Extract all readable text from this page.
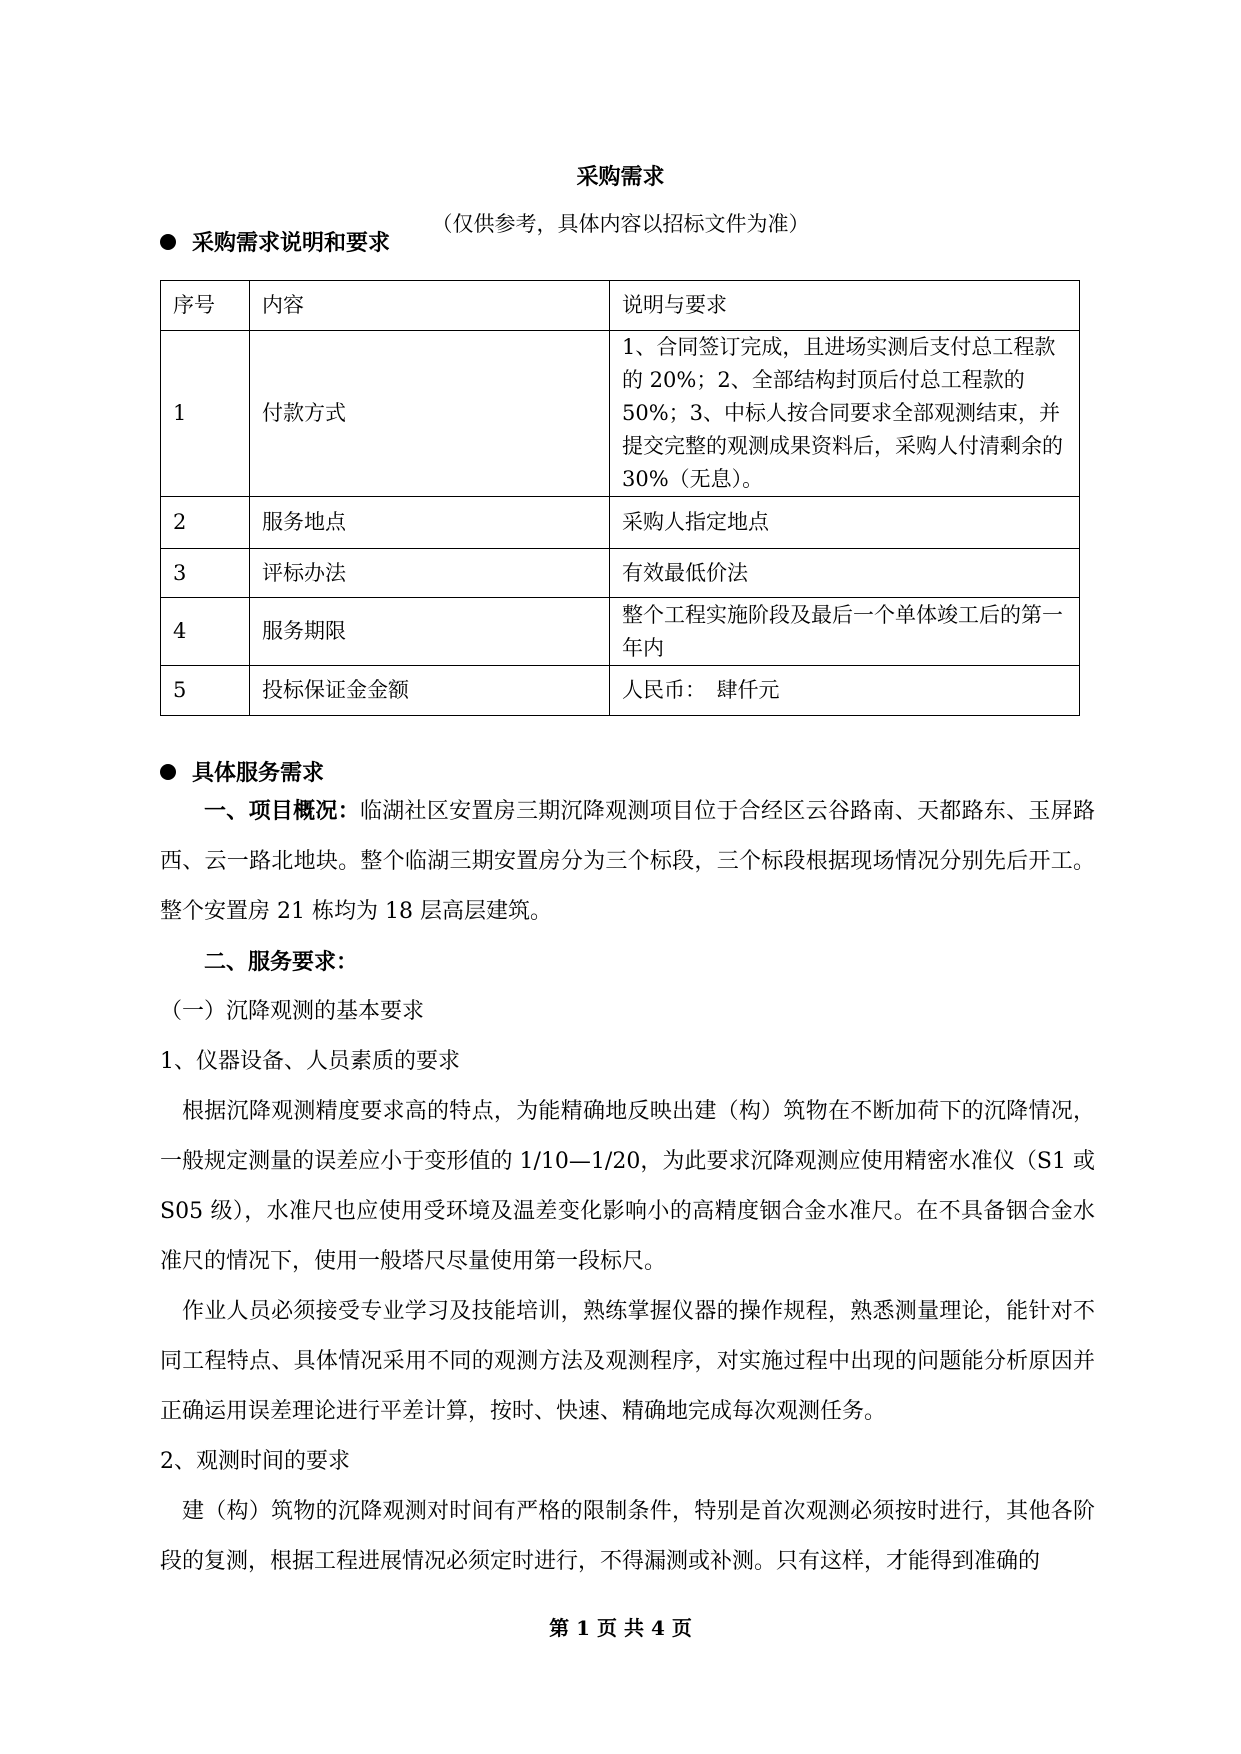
采购需求
（仅供参考，具体内容以招标文件为准）
采购需求说明和要求
序号	内容	说明与要求
1	付款方式	1、合同签订完成，且进场实测后支付总工程款的 20%；2、全部结构封顶后付总工程款的 50%；3、中标人按合同要求全部观测结束，并提交完整的观测成果资料后，采购人付清剩余的 30%（无息）。
2	服务地点	采购人指定地点
3	评标办法	有效最低价法
4	服务期限	整个工程实施阶段及最后一个单体竣工后的第一年内
5	投标保证金金额	人民币：　肆仟元
具体服务需求

一、项目概况：临湖社区安置房三期沉降观测项目位于合经区云谷路南、天都路东、玉屏路西、云一路北地块。整个临湖三期安置房分为三个标段，三个标段根据现场情况分别先后开工。整个安置房 21 栋均为 18 层高层建筑。

二、服务要求：

（一）沉降观测的基本要求

1、仪器设备、人员素质的要求

根据沉降观测精度要求高的特点，为能精确地反映出建（构）筑物在不断加荷下的沉降情况，一般规定测量的误差应小于变形值的 1/10—1/20，为此要求沉降观测应使用精密水准仪（S1 或 S05 级），水准尺也应使用受环境及温差变化影响小的高精度铟合金水准尺。在不具备铟合金水准尺的情况下，使用一般塔尺尽量使用第一段标尺。

作业人员必须接受专业学习及技能培训，熟练掌握仪器的操作规程，熟悉测量理论，能针对不同工程特点、具体情况采用不同的观测方法及观测程序，对实施过程中出现的问题能分析原因并正确运用误差理论进行平差计算，按时、快速、精确地完成每次观测任务。

2、观测时间的要求

建（构）筑物的沉降观测对时间有严格的限制条件，特别是首次观测必须按时进行，其他各阶段的复测，根据工程进展情况必须定时进行，不得漏测或补测。只有这样，才能得到准确的

第 1 页 共 4 页
